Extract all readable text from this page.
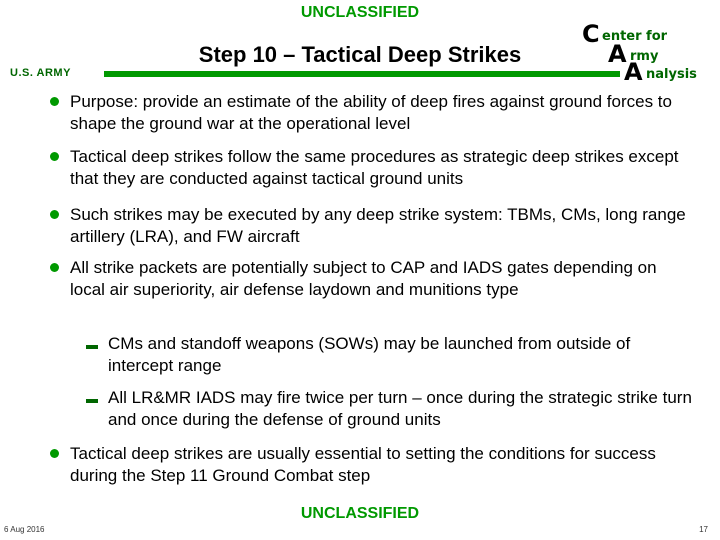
UNCLASSIFIED
U.S. ARMY
Step 10 – Tactical Deep Strikes
C enter for
A rmy
A nalysis
Purpose: provide an estimate of the ability of deep fires against ground forces to shape the ground war at the operational level
Tactical deep strikes follow the same procedures as strategic deep strikes except that they are conducted against tactical ground units
Such strikes may be executed by any deep strike system: TBMs, CMs, long range artillery (LRA), and FW aircraft
All strike packets are potentially subject to CAP and IADS gates depending on local air superiority, air defense laydown and munitions type
CMs and standoff weapons (SOWs) may be launched from outside of intercept range
All LR&MR IADS may fire twice per turn – once during the strategic strike turn and once during the defense of ground units
Tactical deep strikes are usually essential to setting the conditions for success during the Step 11 Ground Combat step
UNCLASSIFIED
6 Aug 2016	17
